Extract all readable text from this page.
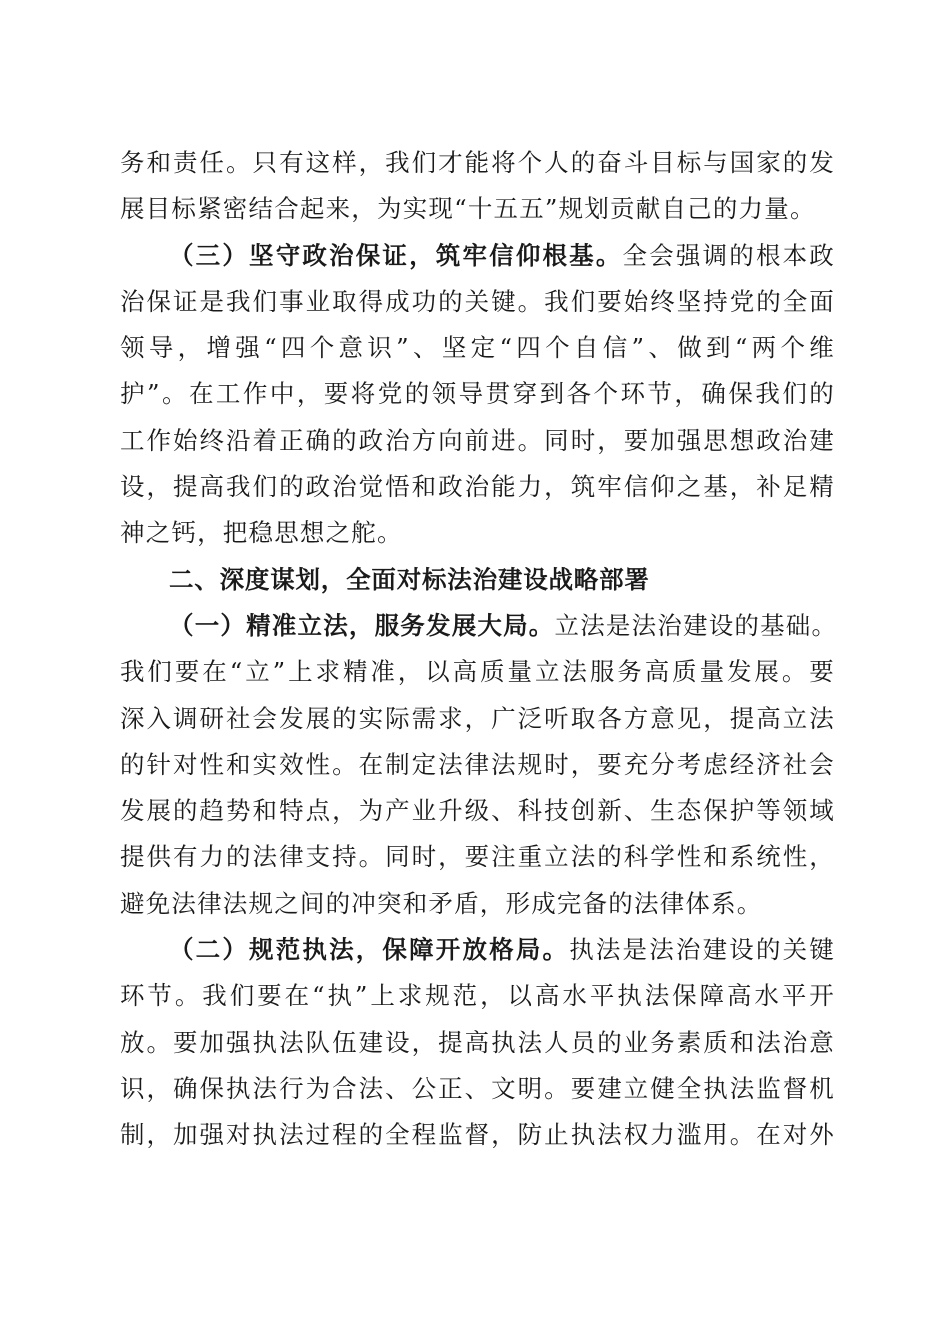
务和责任。只有这样，我们才能将个人的奋斗目标与国家的发
展目标紧密结合起来，为实现“十五五”规划贡献自己的力量。
（三）坚守政治保证，筑牢信仰根基。全会强调的根本政
治保证是我们事业取得成功的关键。我们要始终坚持党的全面
领导，增强“四个意识”、坚定“四个自信”、做到“两个维
护”。在工作中，要将党的领导贯穿到各个环节，确保我们的
工作始终沿着正确的政治方向前进。同时，要加强思想政治建
设，提高我们的政治觉悟和政治能力，筑牢信仰之基，补足精
神之钙，把稳思想之舵。
二、深度谋划，全面对标法治建设战略部署
（一）精准立法，服务发展大局。立法是法治建设的基础。
我们要在“立”上求精准，以高质量立法服务高质量发展。要
深入调研社会发展的实际需求，广泛听取各方意见，提高立法
的针对性和实效性。在制定法律法规时，要充分考虑经济社会
发展的趋势和特点，为产业升级、科技创新、生态保护等领域
提供有力的法律支持。同时，要注重立法的科学性和系统性，
避免法律法规之间的冲突和矛盾，形成完备的法律体系。
（二）规范执法，保障开放格局。执法是法治建设的关键
环节。我们要在“执”上求规范，以高水平执法保障高水平开
放。要加强执法队伍建设，提高执法人员的业务素质和法治意
识，确保执法行为合法、公正、文明。要建立健全执法监督机
制，加强对执法过程的全程监督，防止执法权力滥用。在对外
